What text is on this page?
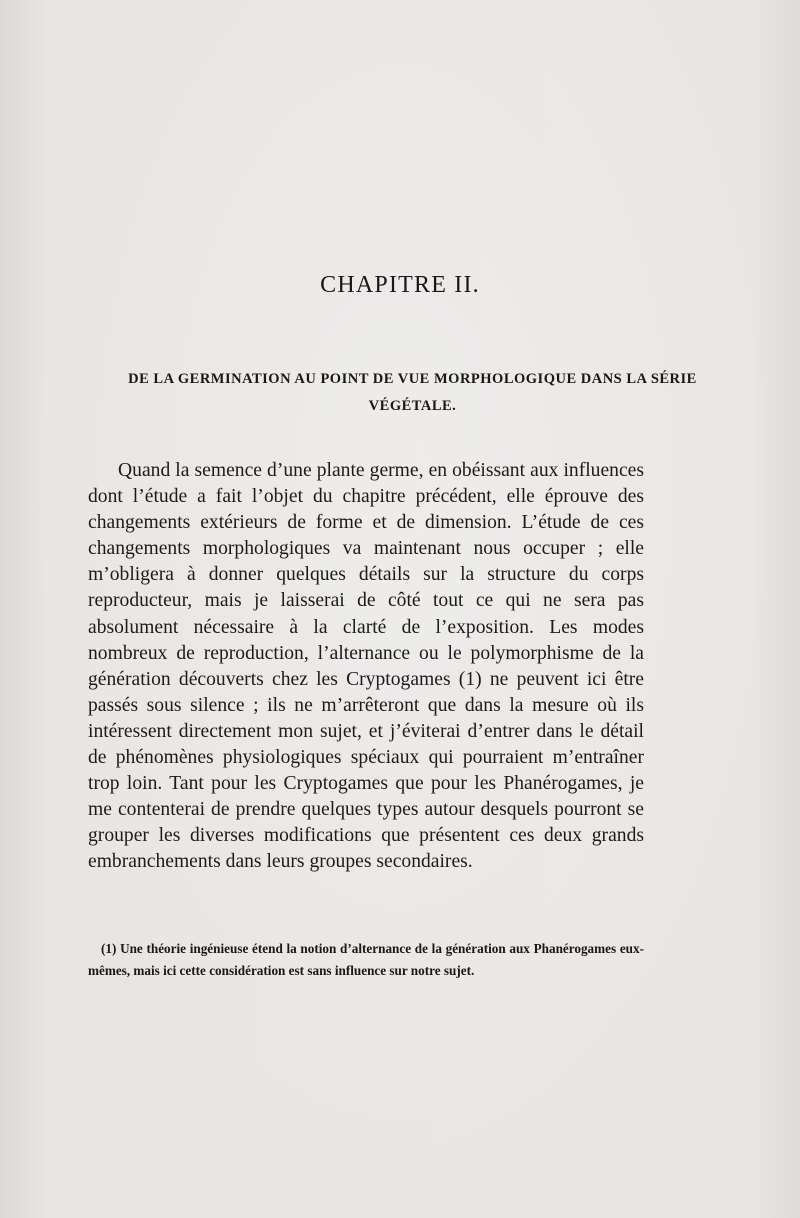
CHAPITRE II.
DE LA GERMINATION AU POINT DE VUE MORPHOLOGIQUE DANS LA SÉRIE VÉGÉTALE.

Quand la semence d’une plante germe, en obéissant aux influences dont l’étude a fait l’objet du chapitre précédent, elle éprouve des changements extérieurs de forme et de dimension. L’étude de ces changements morphologiques va maintenant nous occuper ; elle m’obligera à donner quelques détails sur la structure du corps reproducteur, mais je laisserai de côté tout ce qui ne sera pas absolument nécessaire à la clarté de l’exposition. Les modes nombreux de reproduction, l’alternance ou le polymorphisme de la génération découverts chez les Cryptogames (1) ne peuvent ici être passés sous silence ; ils ne m’arrêteront que dans la mesure où ils intéressent directement mon sujet, et j’éviterai d’entrer dans le détail de phénomènes physiologiques spéciaux qui pourraient m’entraîner trop loin. Tant pour les Cryptogames que pour les Phanérogames, je me contenterai de prendre quelques types autour desquels pourront se grouper les diverses modifications que présentent ces deux grands embranchements dans leurs groupes secondaires.

(1) Une théorie ingénieuse étend la notion d’alternance de la génération aux Phanérogames eux-mêmes, mais ici cette considération est sans influence sur notre sujet.
